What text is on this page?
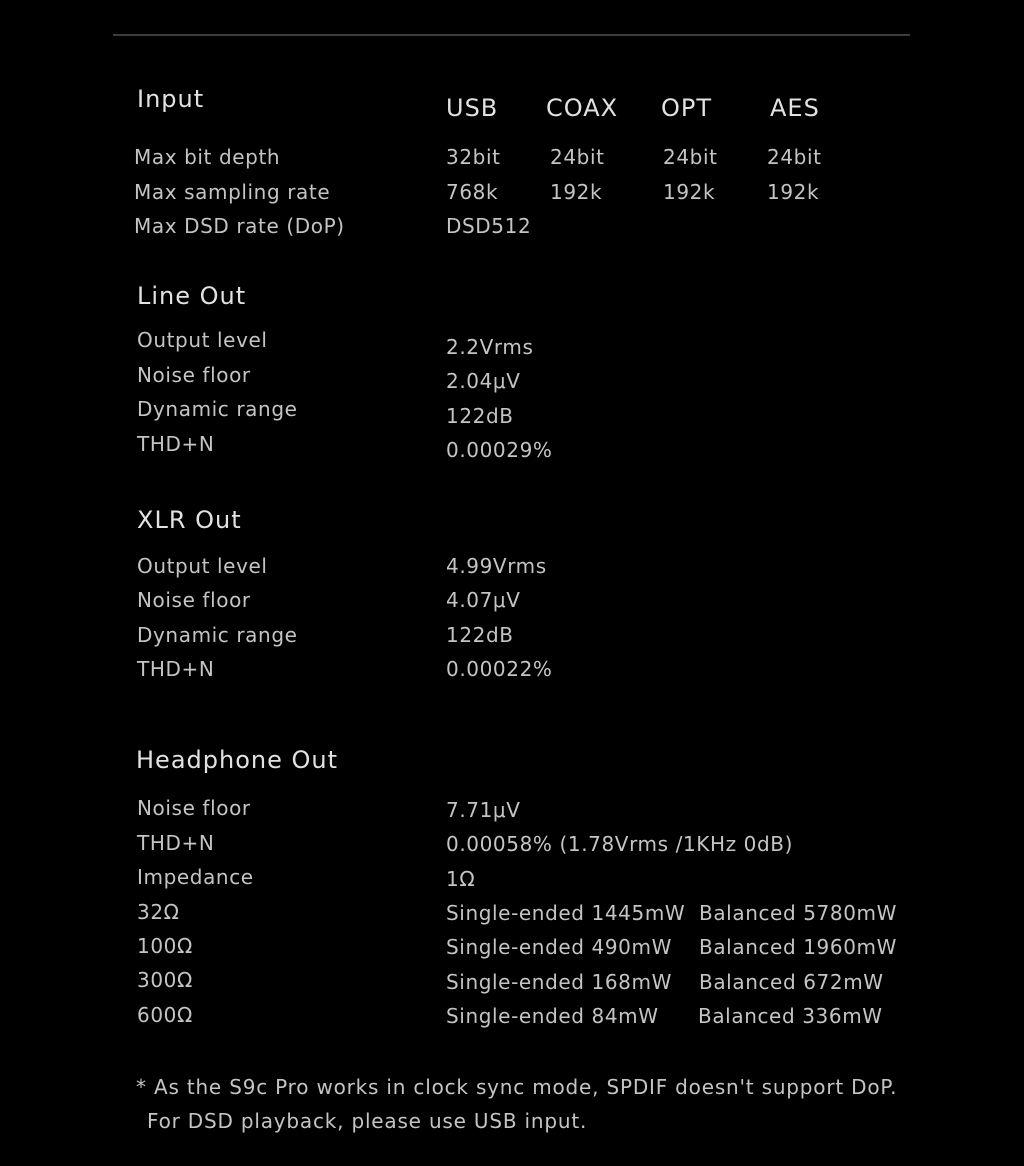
Input	USB COAX OPT AES
Max bit depth	32bit 24bit	24bit 24bit
Max sampling rate	768k	192k	192k	192k
Max DSD rate (DoP)	DSD512
Line Out
Output level	2.2Vrms
Noise floor	2.04μV
Dynamic range	122dB
THD+N	0.00029%
XLR Out
Output level	4.99Vrms
Noise floor	4.07μV
Dynamic range	122dB
THD+N	0.00022%
Headphone Out
Noise floor	7.71μV
THD+N	0.00058% (1.78Vrms /1KHz 0dB)
Impedance	1Ω
32Ω	Single-ended 1445mW Balanced 5780mW
100Ω	Single-ended 490mW Balanced 1960mW
300Ω	Single-ended 168mW Balanced 672mW
600Ω	Single-ended 84mW Balanced 336mW
* As the S9c Pro works in clock sync mode, SPDIF doesn't support DoP.
For DSD playback, please use USB input.
